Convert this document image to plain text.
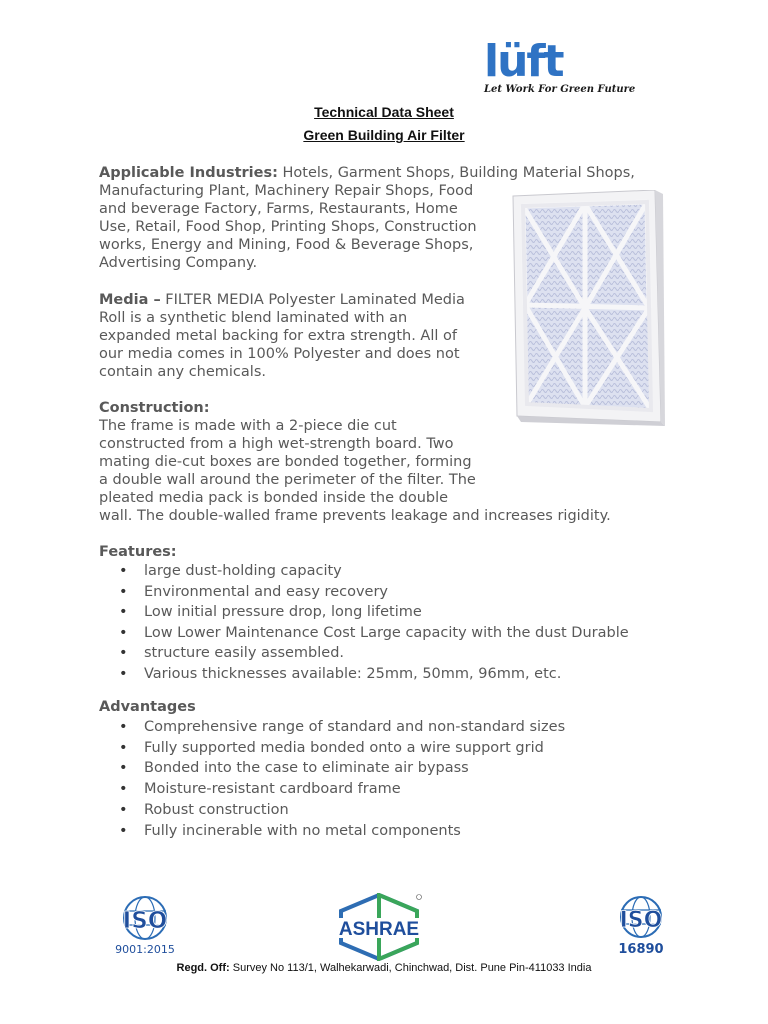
lüft
Let Work For Green Future
Technical Data Sheet
Green Building Air Filter
Applicable Industries: Hotels, Garment Shops, Building Material Shops,
Manufacturing Plant, Machinery Repair Shops, Food
and beverage Factory, Farms, Restaurants, Home
Use, Retail, Food Shop, Printing Shops, Construction
works, Energy and Mining, Food & Beverage Shops,
Advertising Company.
Media – FILTER MEDIA Polyester Laminated Media
Roll is a synthetic blend laminated with an
expanded metal backing for extra strength. All of
our media comes in 100% Polyester and does not
contain any chemicals.
Construction:
The frame is made with a 2-piece die cut
constructed from a high wet-strength board. Two
mating die-cut boxes are bonded together, forming
a double wall around the perimeter of the filter. The
pleated media pack is bonded inside the double
wall. The double-walled frame prevents leakage and increases rigidity.
Features:
• large dust-holding capacity
• Environmental and easy recovery
• Low initial pressure drop, long lifetime
• Low Lower Maintenance Cost Large capacity with the dust Durable
• structure easily assembled.
• Various thicknesses available: 25mm, 50mm, 96mm, etc.
Advantages
• Comprehensive range of standard and non-standard sizes
• Fully supported media bonded onto a wire support grid
• Bonded into the case to eliminate air bypass
• Moisture-resistant cardboard frame
• Robust construction
• Fully incinerable with no metal components
ISO
9001:2015
ASHRAE	ISO
16890
Regd. Off: Survey No 113/1, Walhekarwadi, Chinchwad, Dist. Pune Pin-411033 India
